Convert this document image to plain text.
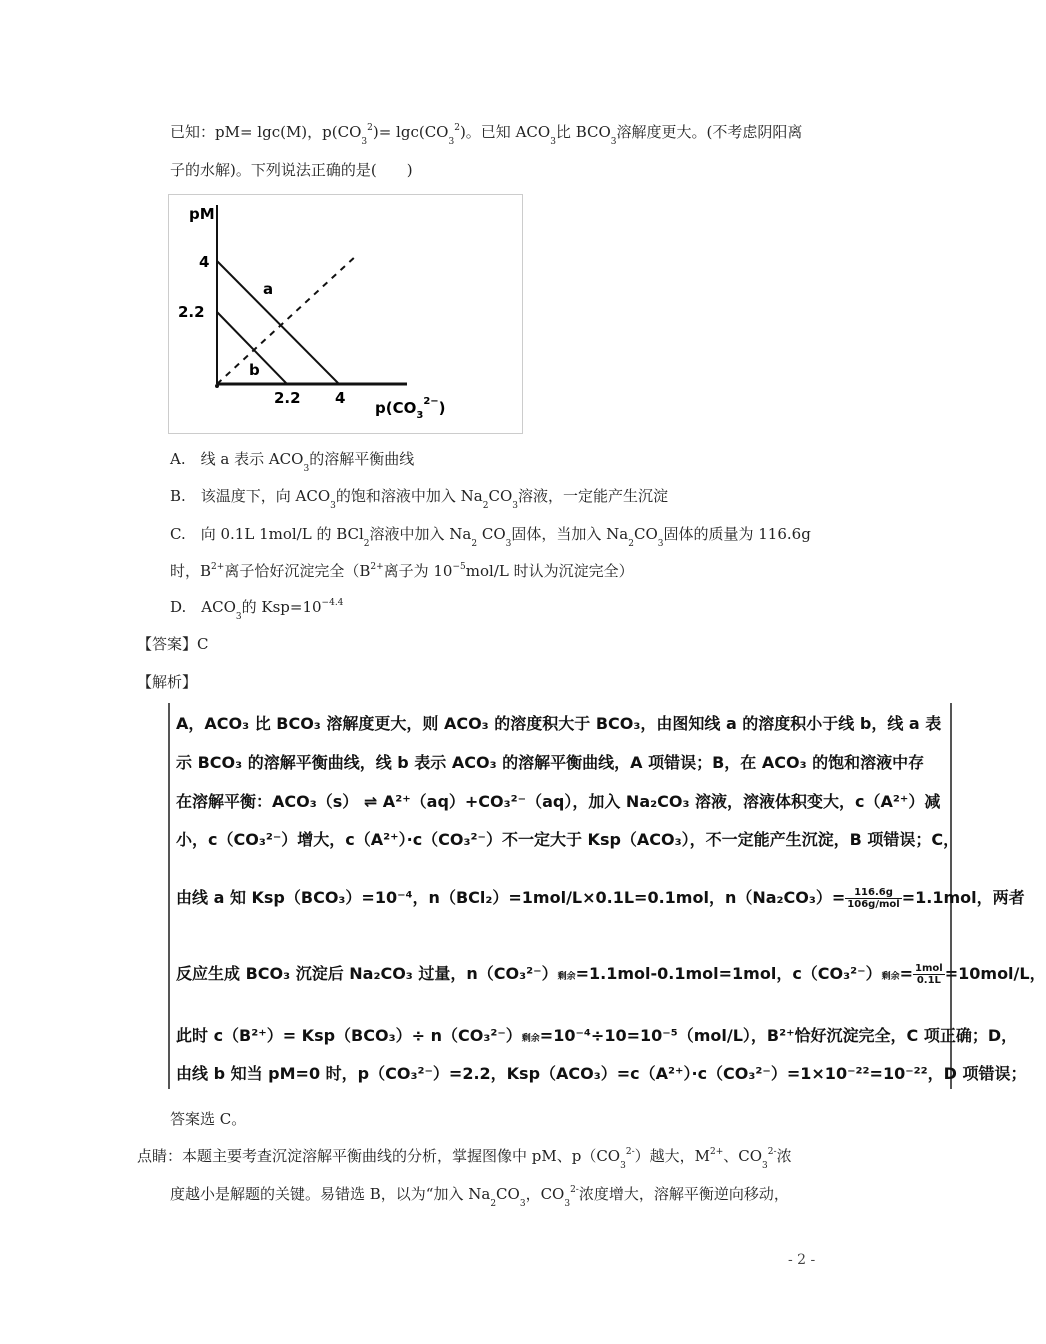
已知：pM= lgc(M)，$p(CO_3^2)= \lg c(CO_3^2)$。已知 $ACO_3$比 $BCO_3$溶解度更大。(不考虑阴阳离
子的水解)。下列说法正确的是(　　)
pM
4
2.2
2.2 4
a
b
$p(CO_3^{2-})$
A.　线 a 表示 $ACO_3$的溶解平衡曲线
B.　该温度下，向 $ACO_3$的饱和溶液中加入 $Na_2CO_3$溶液，一定能产生沉淀
C.　向 0.1L 1mol/L 的 BCl$_2$溶液中加入 $Na_2$ $CO_3$固体，当加入 $Na_2CO_3$固体的质量为 116.6g
时，$B^{2+}$离子恰好沉淀完全（$B^{2+}$离子为 $10^{-5}mol/L$ 时认为沉淀完全）
D.　$ACO_3$的 $Ksp=10^{-4.4}$
【答案】C
【解析】
A，ACO₃ 比 BCO₃ 溶解度更大，则 ACO₃ 的溶度积大于 BCO₃，由图知线 a 的溶度积小于线 b，线 a 表
示 BCO₃ 的溶解平衡曲线，线 b 表示 ACO₃ 的溶解平衡曲线，A 项错误；B，在 ACO₃ 的饱和溶液中存
在溶解平衡：ACO₃（s） ⇌ A²⁺（aq）+CO₃²⁻（aq），加入 Na₂CO₃ 溶液，溶液体积变大，c（A²⁺）减
小，c（CO₃²⁻）增大，c（A²⁺）·c（CO₃²⁻）不一定大于 Ksp（ACO₃），不一定能产生沉淀，B 项错误；C，
由线 a 知 Ksp（BCO₃）=10⁻⁴，n（BCl₂）=1mol/L×0.1L=0.1mol，$n(Na_2CO_3)= \frac{116.6g}{\text{106g/mol}} =1.1mol$，两者
反应生成 BCO₃ 沉淀后 Na₂CO₃ 过量，n（CO₃²⁻）剩余=1.1mol-0.1mol=1mol，c（CO₃²⁻）剩余= $\frac{\text{1mol}}{0.1L} =10mol/L$，
此时 c（B²⁺）= Ksp（BCO₃）÷ n（CO₃²⁻）剩余=10⁻⁴÷10=10⁻⁵（mol/L），B²⁺恰好沉淀完全，C 项正确；D，
由线 b 知当 pM=0 时，p（CO₃²⁻）=2.2，Ksp（ACO₃）=c（A²⁺）·c（CO₃²⁻）=1×10⁻²²=10⁻²²，D 项错误；
答案选 C。
点睛：本题主要考查沉淀溶解平衡曲线的分析，掌握图像中 pM、$p(CO_3^{2-})$越大，$M^{2+}$、$CO_3^{2-}$浓
度越小是解题的关键。易错选 B，以为“加入 $Na_2CO_3$，$CO_3^{2-}$浓度增大，溶解平衡逆向移动，
- 2 -
